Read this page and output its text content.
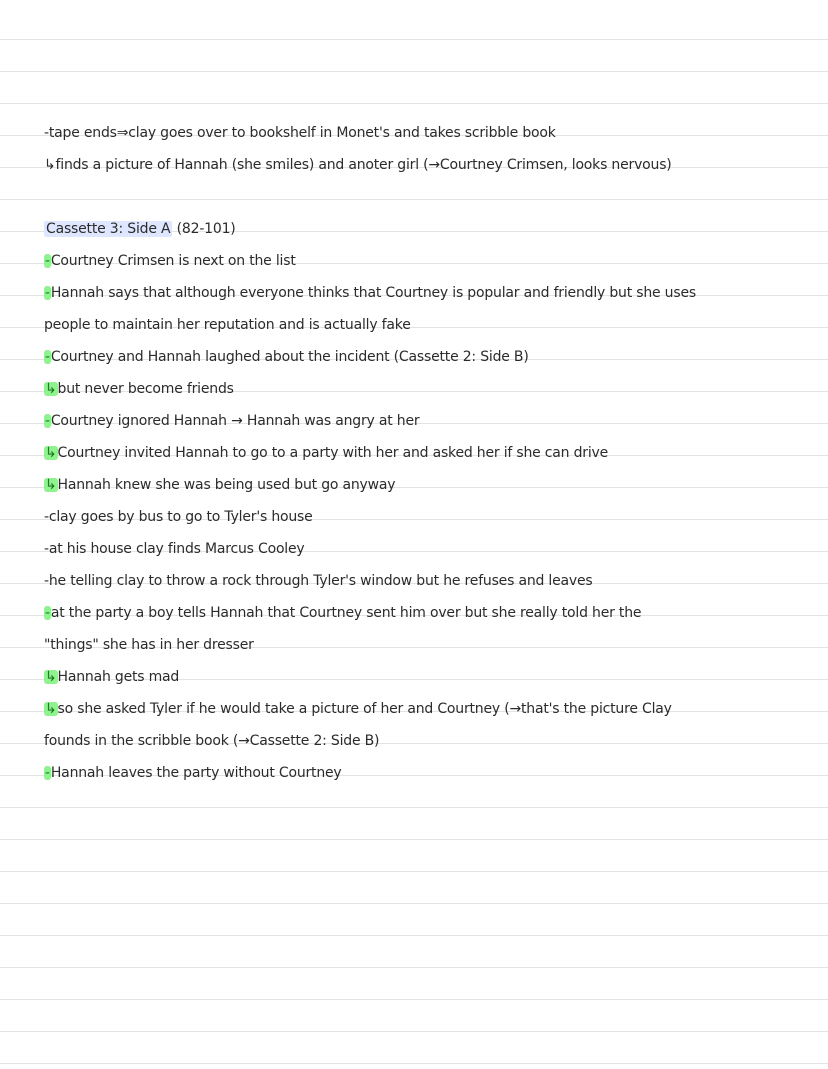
-tape ends⇒clay goes over to bookshelf in Monet's and takes scribble book
↳finds a picture of Hannah (she smiles) and anoter girl (→Courtney Crimsen, looks nervous)
Cassette 3: Side A (82-101)
-Courtney Crimsen is next on the list
-Hannah says that although everyone thinks that Courtney is popular and friendly but she uses
people to maintain her reputation and is actually fake
-Courtney and Hannah laughed about the incident (Cassette 2: Side B)
↳but never become friends
-Courtney ignored Hannah → Hannah was angry at her
↳Courtney invited Hannah to go to a party with her and asked her if she can drive
↳Hannah knew she was being used but go anyway
-clay goes by bus to go to Tyler's house
-at his house clay finds Marcus Cooley
-he telling clay to throw a rock through Tyler's window but he refuses and leaves
-at the party a boy tells Hannah that Courtney sent him over but she really told her the
"things" she has in her dresser
↳Hannah gets mad
↳so she asked Tyler if he would take a picture of her and Courtney (→that's the picture Clay
founds in the scribble book (→Cassette 2: Side B)
-Hannah leaves the party without Courtney
